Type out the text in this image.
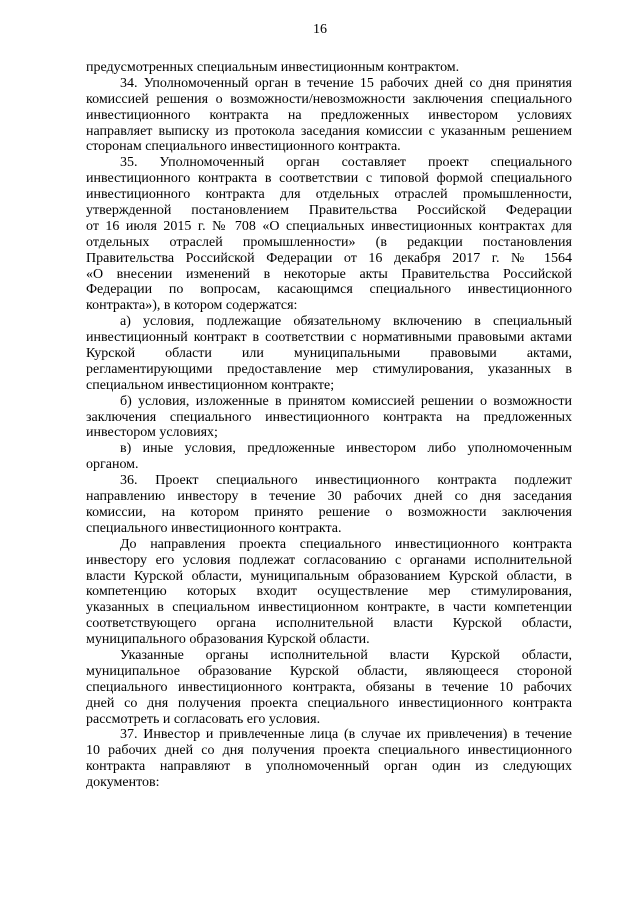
16
предусмотренных специальным инвестиционным контрактом.
34. Уполномоченный орган в течение 15 рабочих дней со дня принятия
комиссией решения о возможности/невозможности заключения специального
инвестиционного контракта на предложенных инвестором условиях
направляет выписку из протокола заседания комиссии с указанным решением
сторонам специального инвестиционного контракта.
35. Уполномоченный орган составляет проект специального
инвестиционного контракта в соответствии с типовой формой специального
инвестиционного контракта для отдельных отраслей промышленности,
утвержденной постановлением Правительства Российской Федерации
от 16 июля 2015 г. № 708 «О специальных инвестиционных контрактах для
отдельных отраслей промышленности» (в редакции постановления
Правительства Российской Федерации от 16 декабря 2017 г. № 1564
«О внесении изменений в некоторые акты Правительства Российской
Федерации по вопросам, касающимся специального инвестиционного
контракта»), в котором содержатся:
а) условия, подлежащие обязательному включению в специальный
инвестиционный контракт в соответствии с нормативными правовыми актами
Курской области или муниципальными правовыми актами,
регламентирующими предоставление мер стимулирования, указанных в
специальном инвестиционном контракте;
б) условия, изложенные в принятом комиссией решении о возможности
заключения специального инвестиционного контракта на предложенных
инвестором условиях;
в) иные условия, предложенные инвестором либо уполномоченным
органом.
36. Проект специального инвестиционного контракта подлежит
направлению инвестору в течение 30 рабочих дней со дня заседания
комиссии, на котором принято решение о возможности заключения
специального инвестиционного контракта.
До направления проекта специального инвестиционного контракта
инвестору его условия подлежат согласованию с органами исполнительной
власти Курской области, муниципальным образованием Курской области, в
компетенцию которых входит осуществление мер стимулирования,
указанных в специальном инвестиционном контракте, в части компетенции
соответствующего органа исполнительной власти Курской области,
муниципального образования Курской области.
Указанные органы исполнительной власти Курской области,
муниципальное образование Курской области, являющееся стороной
специального инвестиционного контракта, обязаны в течение 10 рабочих
дней со дня получения проекта специального инвестиционного контракта
рассмотреть и согласовать его условия.
37. Инвестор и привлеченные лица (в случае их привлечения) в течение
10 рабочих дней со дня получения проекта специального инвестиционного
контракта направляют в уполномоченный орган один из следующих
документов:
